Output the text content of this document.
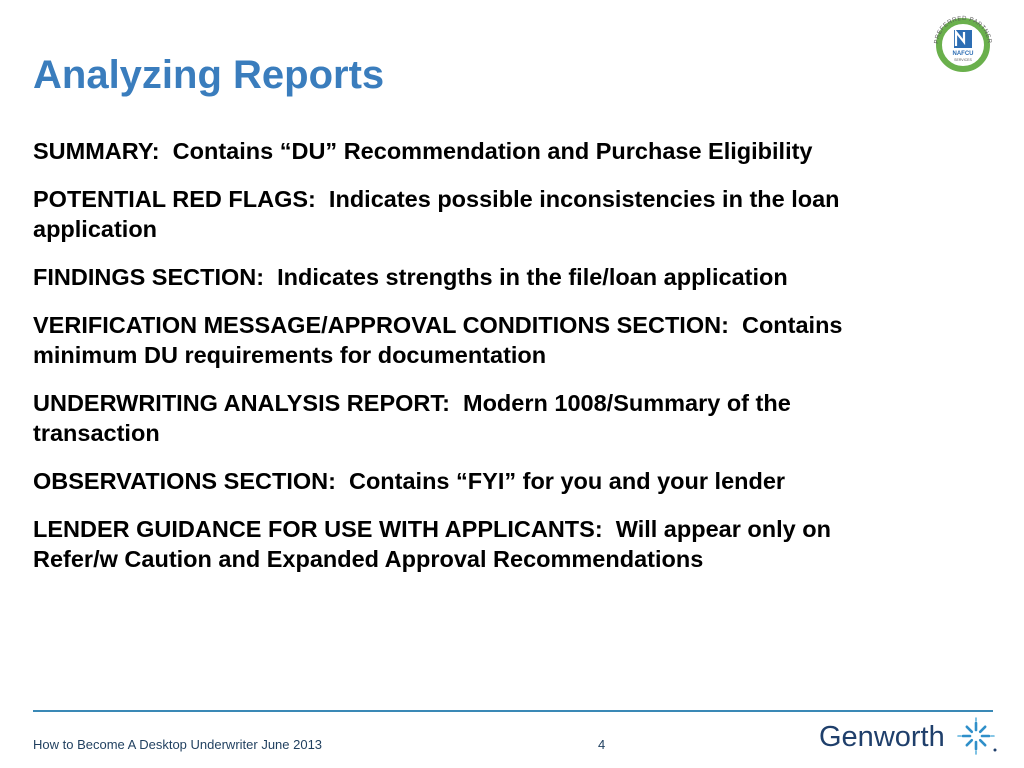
Analyzing Reports
PREFERRED PARTNER
NAFCU
SERVICES
SUMMARY:  Contains “DU” Recommendation and Purchase Eligibility
POTENTIAL RED FLAGS:  Indicates possible inconsistencies in the loan
application
FINDINGS SECTION:  Indicates strengths in the file/loan application
VERIFICATION MESSAGE/APPROVAL CONDITIONS SECTION:  Contains
minimum DU requirements for documentation
UNDERWRITING ANALYSIS REPORT:  Modern 1008/Summary of the
transaction
OBSERVATIONS SECTION:  Contains “FYI” for you and your lender
LENDER GUIDANCE FOR USE WITH APPLICANTS:  Will appear only on
Refer/w Caution and Expanded Approval Recommendations
How to Become A Desktop Underwriter June 2013	4	Genworth
